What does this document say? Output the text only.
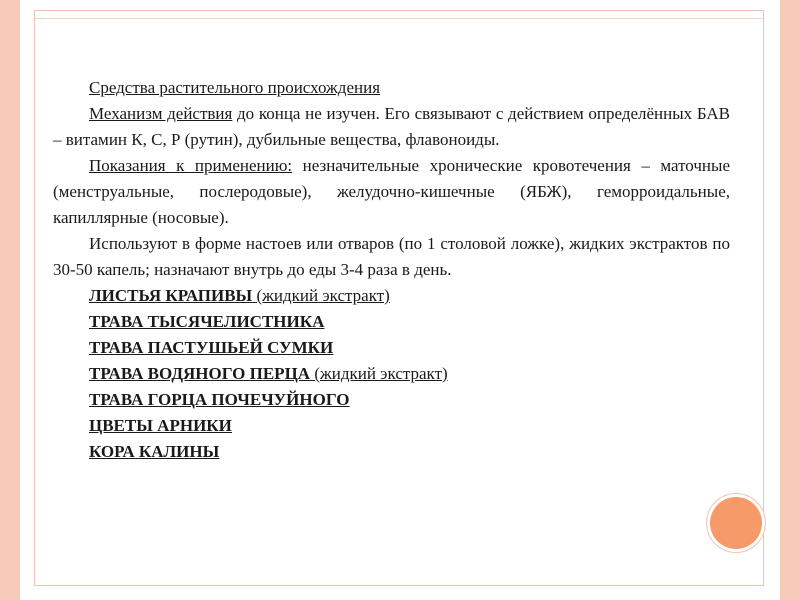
Средства растительного происхождения

Механизм действия до конца не изучен. Его связывают с действием определённых БАВ – витамин К, С, Р (рутин), дубильные вещества, флавоноиды.

Показания к применению: незначительные хронические кровотечения – маточные (менструальные, послеродовые), желудочно-кишечные (ЯБЖ), геморроидальные, капиллярные (носовые).

Используют в форме настоев или отваров (по 1 столовой ложке), жидких экстрактов по 30-50 капель; назначают внутрь до еды 3-4 раза в день.

ЛИСТЬЯ КРАПИВЫ (жидкий экстракт)

ТРАВА ТЫСЯЧЕЛИСТНИКА

ТРАВА ПАСТУШЬЕЙ СУМКИ

ТРАВА ВОДЯНОГО ПЕРЦА (жидкий экстракт)

ТРАВА ГОРЦА ПОЧЕЧУЙНОГО

ЦВЕТЫ АРНИКИ

КОРА КАЛИНЫ
